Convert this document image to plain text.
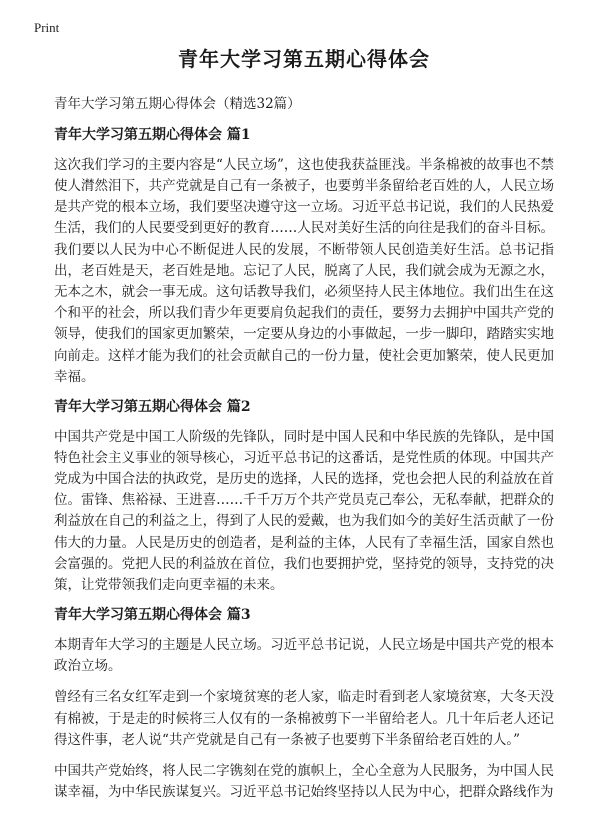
Print
青年大学习第五期心得体会
青年大学习第五期心得体会（精选32篇）
青年大学习第五期心得体会 篇1

这次我们学习的主要内容是“人民立场”，这也使我获益匪浅。半条棉被的故事也不禁使人潸然泪下，共产党就是自己有一条被子，也要剪半条留给老百姓的人，人民立场是共产党的根本立场，我们要坚决遵守这一立场。习近平总书记说，我们的人民热爱生活，我们的人民要受到更好的教育……人民对美好生活的向往是我们的奋斗目标。我们要以人民为中心不断促进人民的发展，不断带领人民创造美好生活。总书记指出，老百姓是天，老百姓是地。忘记了人民，脱离了人民，我们就会成为无源之水，无本之木，就会一事无成。这句话教导我们，必须坚持人民主体地位。我们出生在这个和平的社会，所以我们青少年更要肩负起我们的责任，要努力去拥护中国共产党的领导，使我们的国家更加繁荣，一定要从身边的小事做起，一步一脚印，踏踏实实地向前走。这样才能为我们的社会贡献自己的一份力量，使社会更加繁荣，使人民更加幸福。

青年大学习第五期心得体会 篇2

中国共产党是中国工人阶级的先锋队，同时是中国人民和中华民族的先锋队，是中国特色社会主义事业的领导核心，习近平总书记的这番话，是党性质的体现。中国共产党成为中国合法的执政党，是历史的选择，人民的选择，党也会把人民的利益放在首位。雷锋、焦裕禄、王进喜……千千万万个共产党员克己奉公，无私奉献，把群众的利益放在自己的利益之上，得到了人民的爱戴，也为我们如今的美好生活贡献了一份伟大的力量。人民是历史的创造者，是利益的主体，人民有了幸福生活，国家自然也会富强的。党把人民的利益放在首位，我们也要拥护党，坚持党的领导，支持党的决策，让党带领我们走向更幸福的未来。

青年大学习第五期心得体会 篇3

本期青年大学习的主题是人民立场。习近平总书记说，人民立场是中国共产党的根本政治立场。

曾经有三名女红军走到一个家境贫寒的老人家，临走时看到老人家境贫寒，大冬天没有棉被，于是走的时候将三人仅有的一条棉被剪下一半留给老人。几十年后老人还记得这件事，老人说“共产党就是自己有一条被子也要剪下半条留给老百姓的人。”

中国共产党始终，将人民二字镌刻在党的旗帜上，全心全意为人民服务，为中国人民谋幸福，为中华民族谋复兴。习近平总书记始终坚持以人民为中心，把群众路线作为
